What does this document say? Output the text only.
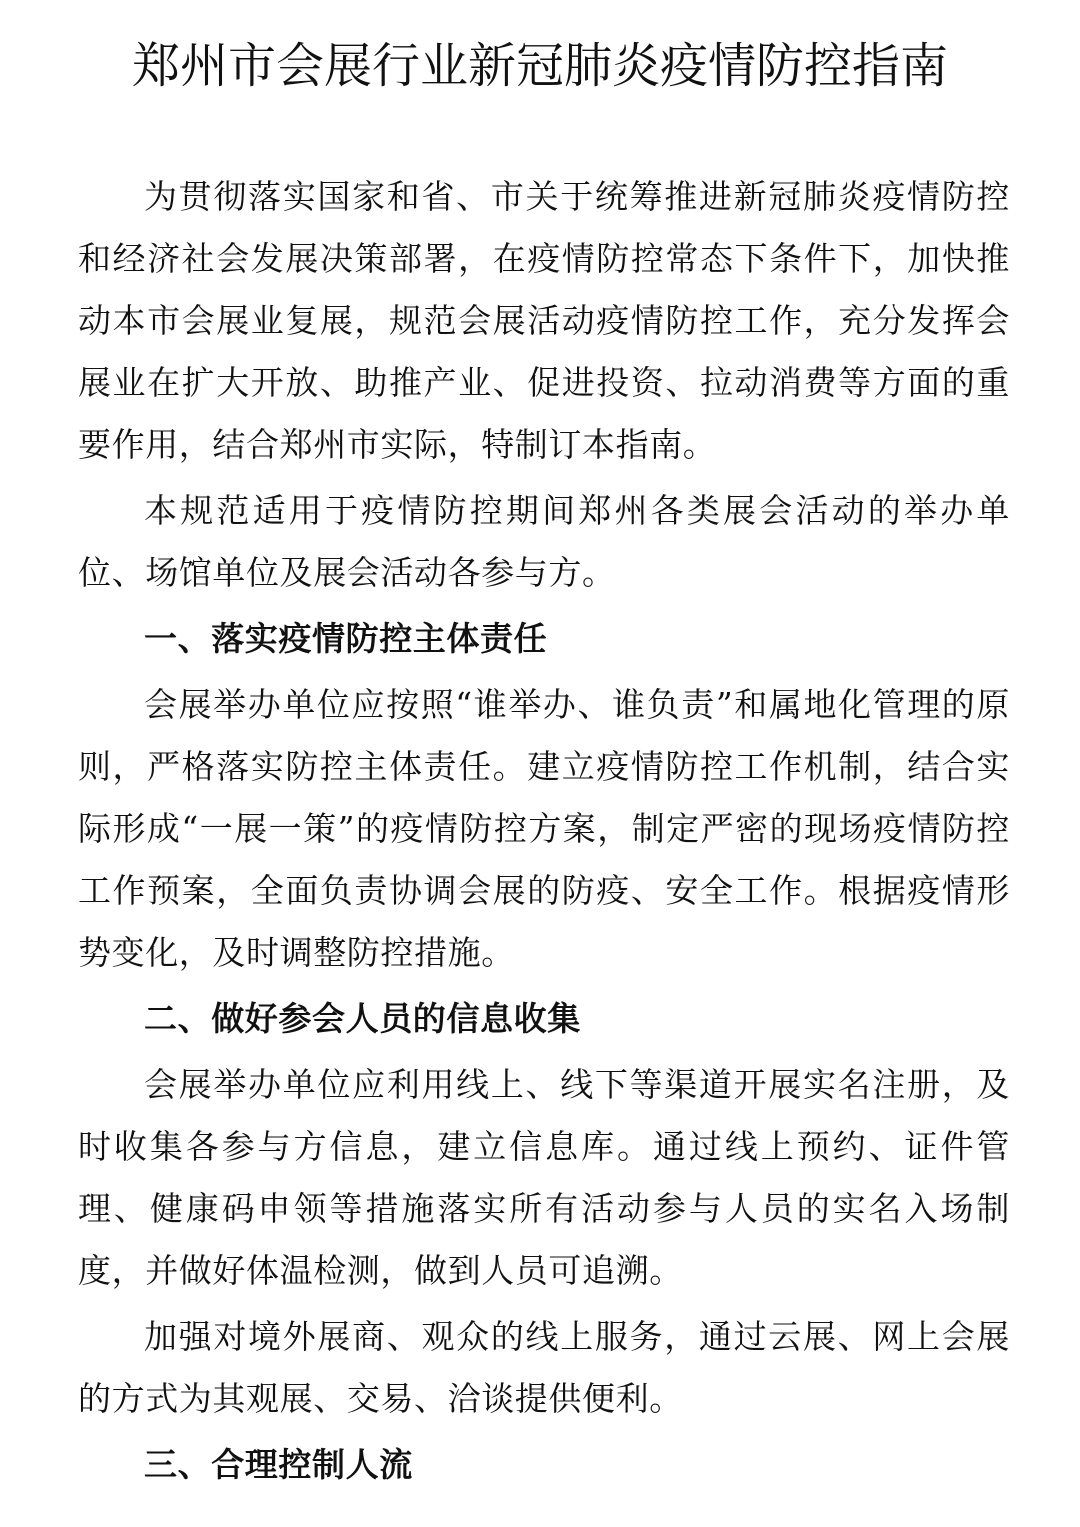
郑州市会展行业新冠肺炎疫情防控指南

为贯彻落实国家和省、市关于统筹推进新冠肺炎疫情防控和经济社会发展决策部署，在疫情防控常态下条件下，加快推动本市会展业复展，规范会展活动疫情防控工作，充分发挥会展业在扩大开放、助推产业、促进投资、拉动消费等方面的重要作用，结合郑州市实际，特制订本指南。

本规范适用于疫情防控期间郑州各类展会活动的举办单位、场馆单位及展会活动各参与方。

一、落实疫情防控主体责任

会展举办单位应按照“谁举办、谁负责”和属地化管理的原则，严格落实防控主体责任。建立疫情防控工作机制，结合实际形成“一展一策”的疫情防控方案，制定严密的现场疫情防控工作预案，全面负责协调会展的防疫、安全工作。根据疫情形势变化，及时调整防控措施。

二、做好参会人员的信息收集

会展举办单位应利用线上、线下等渠道开展实名注册，及时收集各参与方信息，建立信息库。通过线上预约、证件管理、健康码申领等措施落实所有活动参与人员的实名入场制度，并做好体温检测，做到人员可追溯。

加强对境外展商、观众的线上服务，通过云展、网上会展的方式为其观展、交易、洽谈提供便利。

三、合理控制人流
